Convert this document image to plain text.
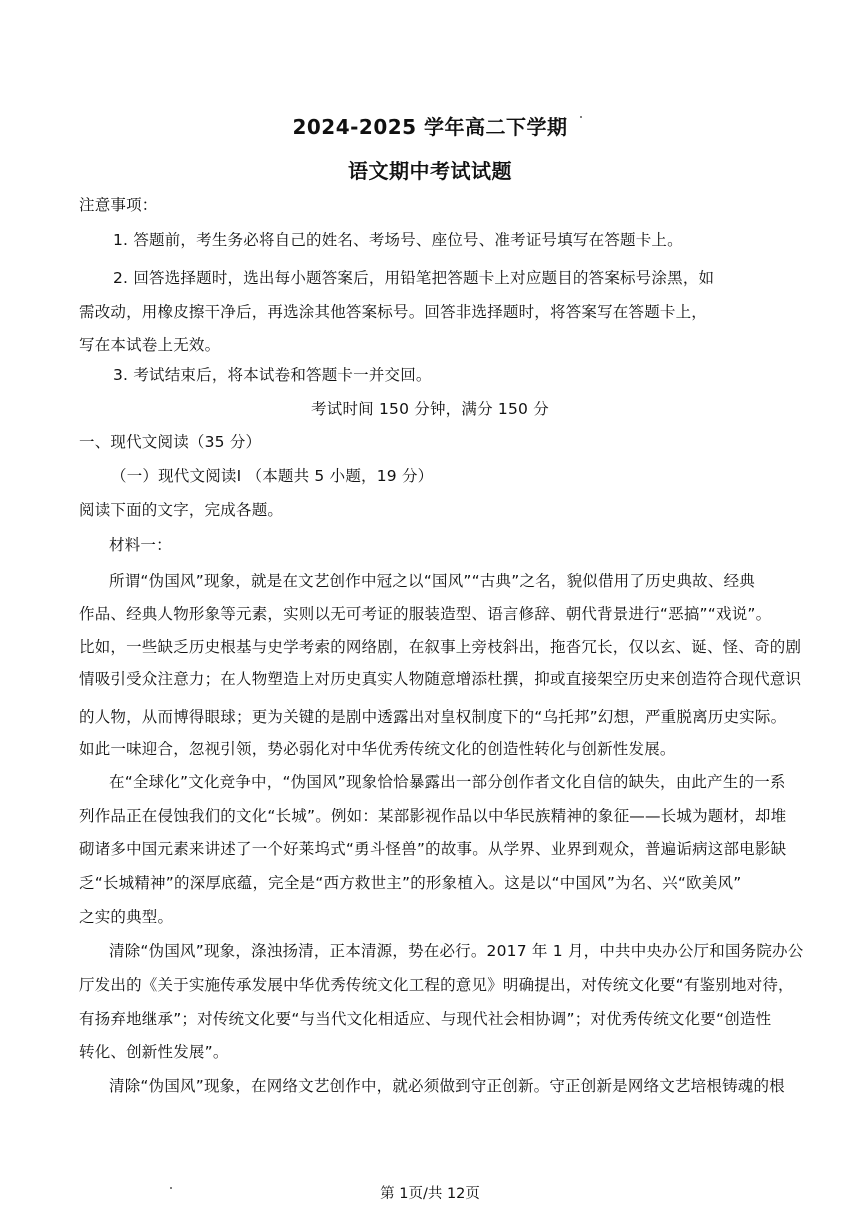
2024-2025 学年高二下学期
语文期中考试试题
注意事项：
1. 答题前，考生务必将自己的姓名、考场号、座位号、准考证号填写在答题卡上。
2. 回答选择题时，选出每小题答案后，用铅笔把答题卡上对应题目的答案标号涂黑，如
需改动，用橡皮擦干净后，再选涂其他答案标号。回答非选择题时，将答案写在答题卡上，
写在本试卷上无效。
3. 考试结束后，将本试卷和答题卡一并交回。
考试时间 150 分钟，满分 150 分
一、现代文阅读（35 分）
（一）现代文阅读Ⅰ （本题共 5 小题，19 分）
阅读下面的文字，完成各题。
材料一：
所谓“伪国风”现象，就是在文艺创作中冠之以“国风”“古典”之名，貌似借用了历史典故、经典
作品、经典人物形象等元素，实则以无可考证的服装造型、语言修辞、朝代背景进行“恶搞”“戏说”。
比如，一些缺乏历史根基与史学考索的网络剧，在叙事上旁枝斜出，拖沓冗长，仅以玄、诞、怪、奇的剧
情吸引受众注意力；在人物塑造上对历史真实人物随意增添杜撰，抑或直接架空历史来创造符合现代意识
的人物，从而博得眼球；更为关键的是剧中透露出对皇权制度下的“乌托邦”幻想，严重脱离历史实际。
如此一味迎合，忽视引领，势必弱化对中华优秀传统文化的创造性转化与创新性发展。
在“全球化”文化竞争中，“伪国风”现象恰恰暴露出一部分创作者文化自信的缺失，由此产生的一系
列作品正在侵蚀我们的文化“长城”。例如：某部影视作品以中华民族精神的象征——长城为题材，却堆
砌诸多中国元素来讲述了一个好莱坞式“勇斗怪兽”的故事。从学界、业界到观众，普遍诟病这部电影缺
乏“长城精神”的深厚底蕴，完全是“西方救世主”的形象植入。这是以“中国风”为名、兴“欧美风”
之实的典型。
清除“伪国风”现象，涤浊扬清，正本清源，势在必行。2017 年 1 月，中共中央办公厅和国务院办公
厅发出的《关于实施传承发展中华优秀传统文化工程的意见》明确提出，对传统文化要“有鉴别地对待，
有扬弃地继承”；对传统文化要“与当代文化相适应、与现代社会相协调”；对优秀传统文化要“创造性
转化、创新性发展”。
清除“伪国风”现象，在网络文艺创作中，就必须做到守正创新。守正创新是网络文艺培根铸魂的根
第 1页/共 12页
